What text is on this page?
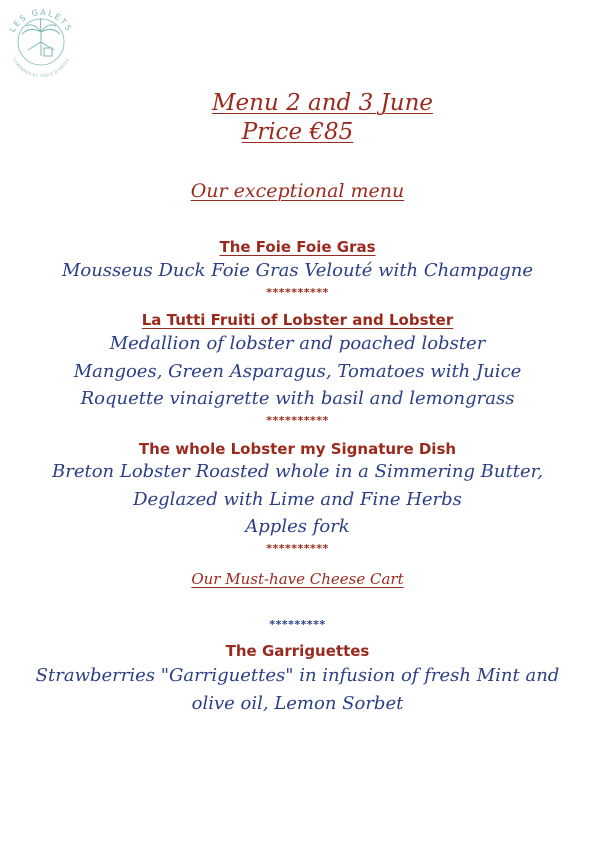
LES GALETS
CHAMBRES ET TABLE D'HÔTES
Menu 2 and 3 June
Price €85
Our exceptional menu
The Foie Foie Gras
Mousseus Duck Foie Gras Velouté with Champagne
**********
La Tutti Fruiti of Lobster and Lobster
Medallion of lobster and poached lobster
Mangoes, Green Asparagus, Tomatoes with Juice
Roquette vinaigrette with basil and lemongrass
**********
The whole Lobster my Signature Dish
Breton Lobster Roasted whole in a Simmering Butter,
Deglazed with Lime and Fine Herbs
Apples fork
**********
Our Must-have Cheese Cart
*********
The Garriguettes
Strawberries "Garriguettes" in infusion of fresh Mint and
olive oil, Lemon Sorbet
